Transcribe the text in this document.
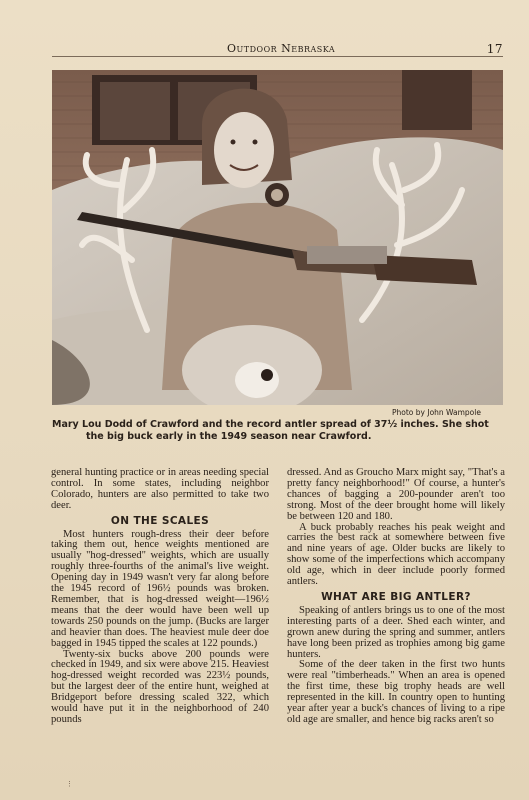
Outdoor Nebraska	17
Photo by John Wampole
Mary Lou Dodd of Crawford and the record antler spread of 37½ inches. She shot
the big buck early in the 1949 season near Crawford.

general hunting practice or in areas needing special control. In some states, including neighbor Colorado, hunters are also permitted to take two deer.

ON THE SCALES

Most hunters rough-dress their deer before taking them out, hence weights mentioned are usually "hog-dressed" weights, which are usually roughly three-fourths of the animal's live weight. Opening day in 1949 wasn't very far along before the 1945 record of 196½ pounds was broken. Remember, that is hog-dressed weight—196½ means that the deer would have been well up towards 250 pounds on the jump. (Bucks are larger and heavier than does. The heaviest mule deer doe bagged in 1945 tipped the scales at 122 pounds.)

Twenty-six bucks above 200 pounds were checked in 1949, and six were above 215. Heaviest hog-dressed weight recorded was 223½ pounds, but the largest deer of the entire hunt, weighed at Bridgeport before dressing scaled 322, which would have put it in the neighborhood of 240 pounds

dressed. And as Groucho Marx might say, "That's a pretty fancy neighborhood!" Of course, a hunter's chances of bagging a 200-pounder aren't too strong. Most of the deer brought home will likely be between 120 and 180.

A buck probably reaches his peak weight and carries the best rack at somewhere between five and nine years of age. Older bucks are likely to show some of the imperfections which accompany old age, which in deer include poorly formed antlers.

WHAT ARE BIG ANTLER?

Speaking of antlers brings us to one of the most interesting parts of a deer. Shed each winter, and grown anew during the spring and summer, antlers have long been prized as trophies among big game hunters.

Some of the deer taken in the first two hunts were real "timberheads." When an area is opened the first time, these big trophy heads are well represented in the kill. In country open to hunting year after year a buck's chances of living to a ripe old age are smaller, and hence big racks aren't so

⋮
